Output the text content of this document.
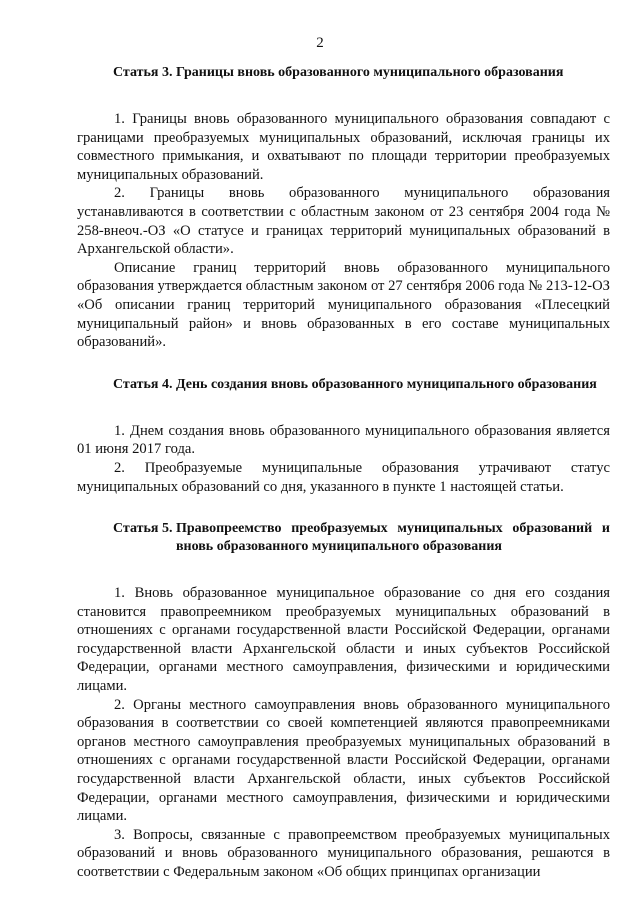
2
Статья 3. Границы вновь образованного муниципального образования

1. Границы вновь образованного муниципального образования совпадают с границами преобразуемых муниципальных образований, исключая границы их совместного примыкания, и охватывают по площади территории преобразуемых муниципальных образований.

2. Границы вновь образованного муниципального образования устанавливаются в соответствии с областным законом от 23 сентября 2004 года № 258-внеоч.-ОЗ «О статусе и границах территорий муниципальных образований в Архангельской области».

Описание границ территорий вновь образованного муниципального образования утверждается областным законом от 27 сентября 2006 года № 213-12-ОЗ «Об описании границ территорий муниципального образования «Плесецкий муниципальный район» и вновь образованных в его составе муниципальных образований».

Статья 4. День создания вновь образованного муниципального образования

1. Днем создания вновь образованного муниципального образования является 01 июня 2017 года.

2. Преобразуемые муниципальные образования утрачивают статус муниципальных образований со дня, указанного в пункте 1 настоящей статьи.

Статья 5. Правопреемство преобразуемых муниципальных образований и вновь образованного муниципального образования

1. Вновь образованное муниципальное образование со дня его создания становится правопреемником преобразуемых муниципальных образований в отношениях с органами государственной власти Российской Федерации, органами государственной власти Архангельской области и иных субъектов Российской Федерации, органами местного самоуправления, физическими и юридическими лицами.

2. Органы местного самоуправления вновь образованного муниципального образования в соответствии со своей компетенцией являются правопреемниками органов местного самоуправления преобразуемых муниципальных образований в отношениях с органами государственной власти Российской Федерации, органами государственной власти Архангельской области, иных субъектов Российской Федерации, органами местного самоуправления, физическими и юридическими лицами.

3. Вопросы, связанные с правопреемством преобразуемых муниципальных образований и вновь образованного муниципального образования, решаются в соответствии с Федеральным законом «Об общих принципах организации
